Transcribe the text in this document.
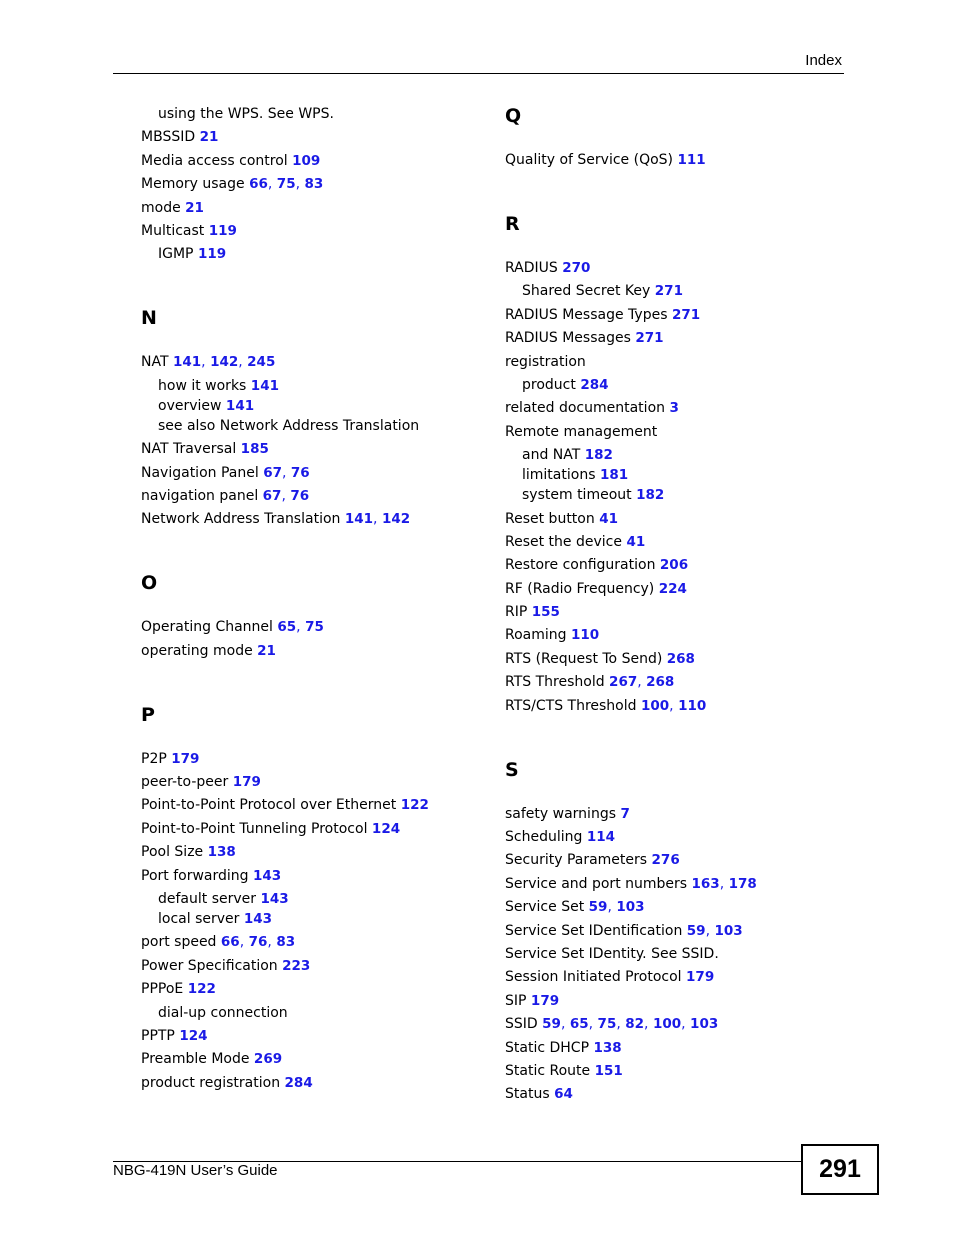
Index
using the WPS. See WPS.
MBSSID 21
Media access control 109
Memory usage 66, 75, 83
mode 21
Multicast 119
IGMP 119
N
NAT 141, 142, 245
how it works 141
overview 141
see also Network Address Translation
NAT Traversal 185
Navigation Panel 67, 76
navigation panel 67, 76
Network Address Translation 141, 142
O
Operating Channel 65, 75
operating mode 21
P
P2P 179
peer-to-peer 179
Point-to-Point Protocol over Ethernet 122
Point-to-Point Tunneling Protocol 124
Pool Size 138
Port forwarding 143
default server 143
local server 143
port speed 66, 76, 83
Power Specification 223
PPPoE 122
dial-up connection
PPTP 124
Preamble Mode 269
product registration 284
Q
Quality of Service (QoS) 111
R
RADIUS 270
Shared Secret Key 271
RADIUS Message Types 271
RADIUS Messages 271
registration
product 284
related documentation 3
Remote management
and NAT 182
limitations 181
system timeout 182
Reset button 41
Reset the device 41
Restore configuration 206
RF (Radio Frequency) 224
RIP 155
Roaming 110
RTS (Request To Send) 268
RTS Threshold 267, 268
RTS/CTS Threshold 100, 110
S
safety warnings 7
Scheduling 114
Security Parameters 276
Service and port numbers 163, 178
Service Set 59, 103
Service Set IDentification 59, 103
Service Set IDentity. See SSID.
Session Initiated Protocol 179
SIP 179
SSID 59, 65, 75, 82, 100, 103
Static DHCP 138
Static Route 151
Status 64
NBG-419N User’s Guide	291
